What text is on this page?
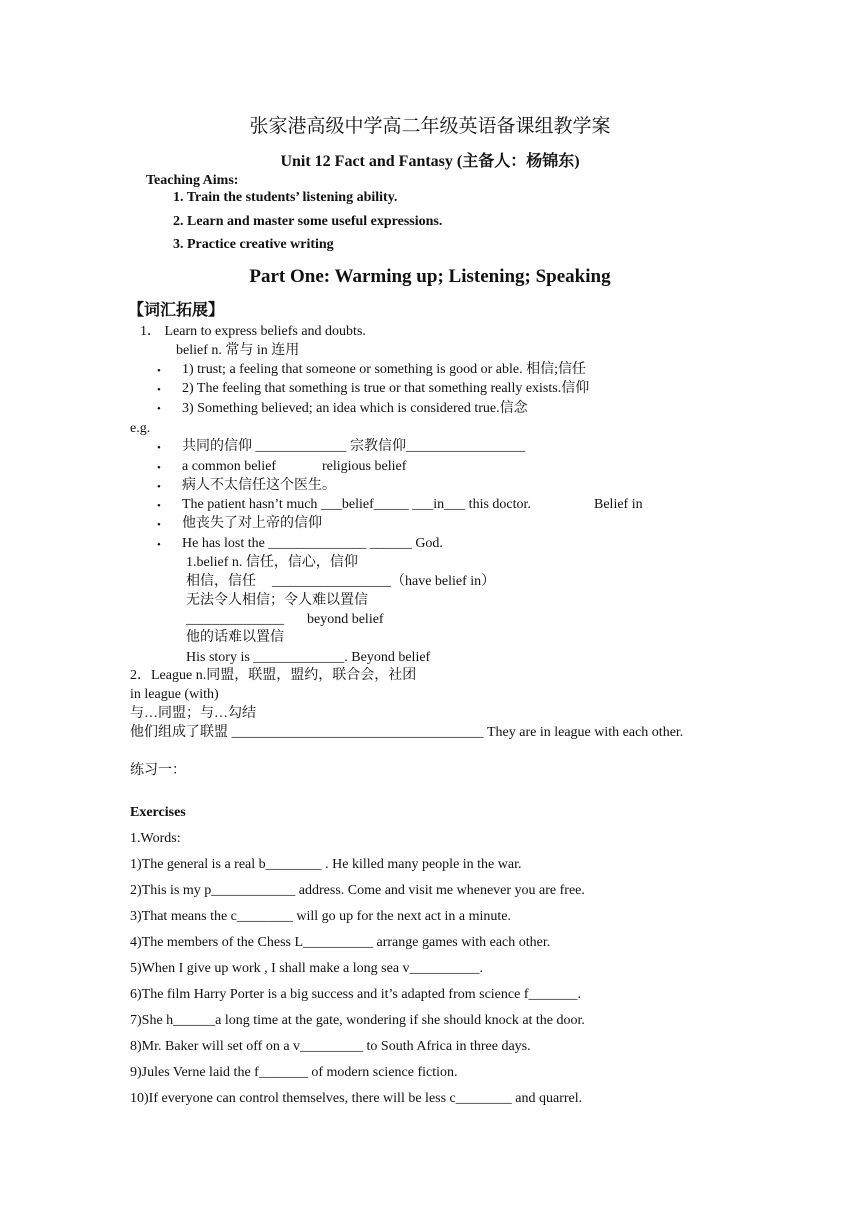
张家港高级中学高二年级英语备课组教学案
Unit 12 Fact and Fantasy (主备人：杨锦东)
Teaching Aims:
1. Train the students’ listening ability.
2. Learn and master some useful expressions.
3. Practice creative writing
Part One: Warming up; Listening; Speaking
【词汇拓展】
1． Learn to express beliefs and doubts.
belief n. 常与 in 连用
• 1) trust; a feeling that someone or something is good or able. 相信;信任
• 2) The feeling that something is true or that something really exists.信仰
• 3) Something believed; an idea which is considered true.信念
e.g.
• 共同的信仰 _____________ 宗教信仰_________________
• a common belief	religious belief
• 病人不太信任这个医生。
• The patient hasn’t much ___belief_____ ___in___ this doctor.	Belief in
• 他丧失了对上帝的信仰
• He has lost the ______________ ______ God.
1.belief n. 信任，信心，信仰
相信，信任 _________________（have belief in）
无法令人相信；令人难以置信
______________ beyond belief
他的话难以置信
His story is _____________. Beyond belief
2．League n.同盟，联盟，盟约，联合会，社团
in league (with)
与…同盟；与…勾结
他们组成了联盟 ____________________________________ They are in league with each other.
练习一：
Exercises
1.Words:
1)The general is a real b________ . He killed many people in the war.
2)This is my p____________ address. Come and visit me whenever you are free.
3)That means the c________ will go up for the next act in a minute.
4)The members of the Chess L__________ arrange games with each other.
5)When I give up work , I shall make a long sea v__________.
6)The film Harry Porter is a big success and it’s adapted from science f_______.
7)She h______a long time at the gate, wondering if she should knock at the door.
8)Mr. Baker will set off on a v_________ to South Africa in three days.
9)Jules Verne laid the f_______ of modern science fiction.
10)If everyone can control themselves, there will be less c________ and quarrel.
